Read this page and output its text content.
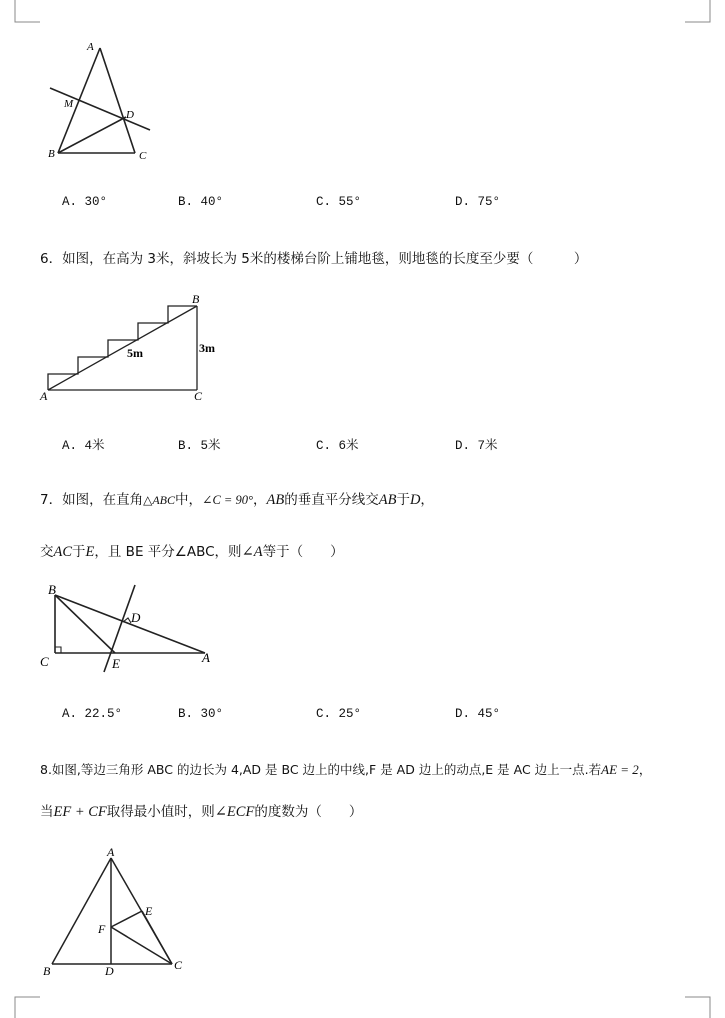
A
M
D
B	C
A. 30°	B. 40°	C. 55°	D. 75°
6．如图，在高为 3米，斜坡长为 5米的楼梯台阶上铺地毯，则地毯的长度至少要（　　　）
B
A	C
5m	3m
A. 4米	B. 5米	C. 6米	D. 7米
7．如图，在直角△ABC中，∠C = 90°，AB的垂直平分线交AB于D，
交AC于E，且 BE 平分∠ABC，则∠A等于（　　）
B
D
C	E	A
A. 22.5°	B. 30°	C. 25°	D. 45°
8.如图,等边三角形 ABC 的边长为 4,AD 是 BC 边上的中线,F 是 AD 边上的动点,E 是 AC 边上一点.若AE = 2，
当EF + CF取得最小值时，则∠ECF的度数为（　　）
A
E
F
B	D	C
